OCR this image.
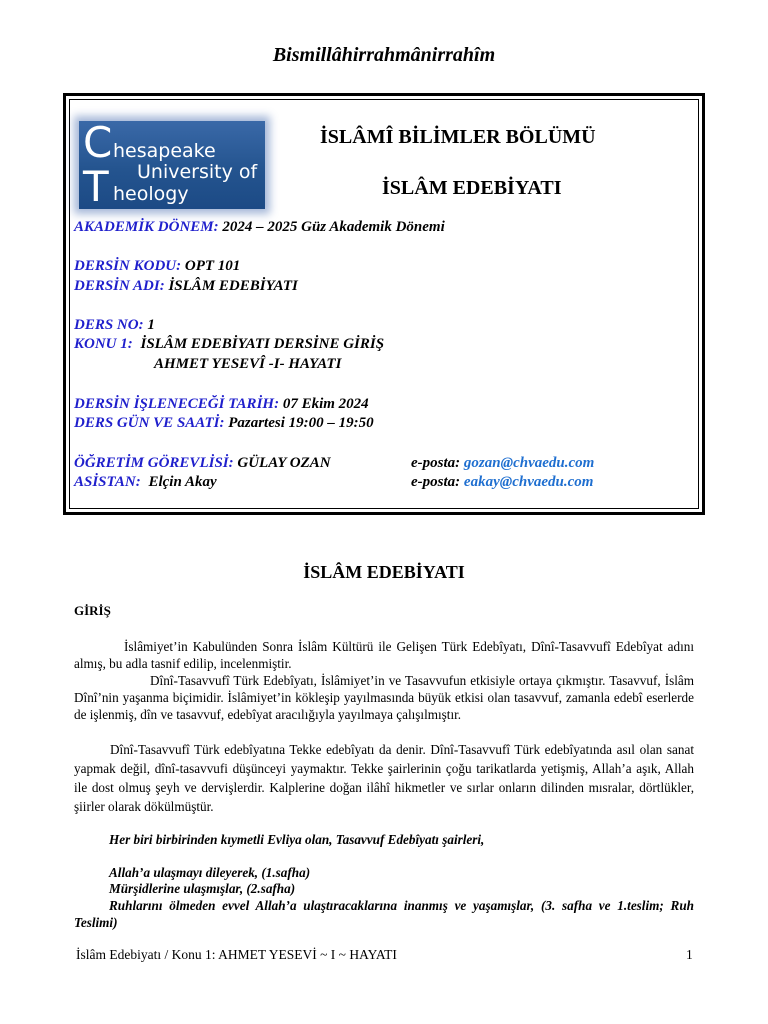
Bismillâhirrahmânirrahîm
C hesapeake
University of
T heology
İSLÂMÎ BİLİMLER BÖLÜMÜ
İSLÂM EDEBİYATI
AKADEMİK DÖNEM: 2024 – 2025 Güz Akademik Dönemi
DERSİN KODU: OPT 101
DERSİN ADI: İSLÂM EDEBİYATI
DERS NO: 1
KONU 1: İSLÂM EDEBİYATI DERSİNE GİRİŞ
AHMET YESEVÎ -I- HAYATI
DERSİN İŞLENECEĞİ TARİH: 07 Ekim 2024
DERS GÜN VE SAATİ: Pazartesi 19:00 – 19:50
ÖĞRETİM GÖREVLİSİ: GÜLAY OZAN	e-posta: gozan@chvaedu.com
ASİSTAN: Elçin Akay	e-posta: eakay@chvaedu.com
İSLÂM EDEBİYATI
GİRİŞ

İslâmiyet’in Kabulünden Sonra İslâm Kültürü ile Gelişen Türk Edebîyatı, Dînî-Tasavvufî Edebîyat adını almış, bu adla tasnif edilip, incelenmiştir.

Dînî-Tasavvufî Türk Edebîyatı, İslâmiyet’in ve Tasavvufun etkisiyle ortaya çıkmıştır. Tasavvuf, İslâm Dînî’nin yaşanma biçimidir. İslâmiyet’in kökleşip yayılmasında büyük etkisi olan tasavvuf, zamanla edebî eserlerde de işlenmiş, dîn ve tasavvuf, edebîyat aracılığıyla yayılmaya çalışılmıştır.

Dînî-Tasavvufî Türk edebîyatına Tekke edebîyatı da denir. Dînî-Tasavvufî Türk edebîyatında asıl olan sanat yapmak değil, dînî-tasavvufi düşünceyi yaymaktır. Tekke şairlerinin çoğu tarikatlarda yetişmiş, Allah’a aşık, Allah ile dost olmuş şeyh ve dervişlerdir. Kalplerine doğan ilâhî hikmetler ve sırlar onların dilinden mısralar, dörtlükler, şiirler olarak dökülmüştür.

Her biri birbirinden kıymetli Evliya olan, Tasavvuf Edebîyatı şairleri,
Allah’a ulaşmayı dileyerek, (1.safha)
Mürşidlerine ulaşmışlar, (2.safha)
Ruhlarını ölmeden evvel Allah’a ulaştıracaklarına inanmış ve yaşamışlar, (3. safha ve 1.teslim; Ruh Teslimi)
İslâm Edebiyatı / Konu 1: AHMET YESEVİ ~ I ~ HAYATI	1
